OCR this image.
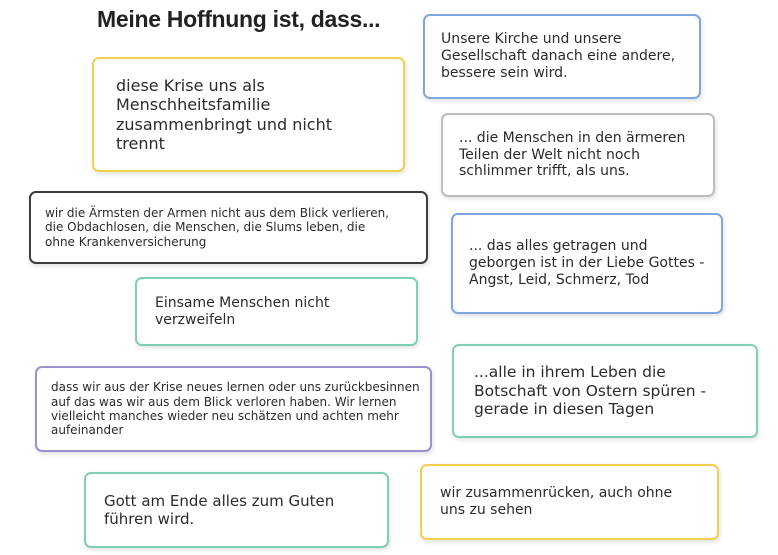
Meine Hoffnung ist, dass...
Unsere Kirche und unsere Gesellschaft danach eine andere, bessere sein wird.
diese Krise uns als Menschheitsfamilie zusammenbringt und nicht trennt	... die Menschen in den ärmeren Teilen der Welt nicht noch schlimmer trifft, als uns.
wir die Ärmsten der Armen nicht aus dem Blick verlieren, die Obdachlosen, die Menschen, die Slums leben, die ohne Krankenversicherung	... das alles getragen und geborgen ist in der Liebe Gottes - Angst, Leid, Schmerz, Tod
Einsame Menschen nicht verzweifeln
...alle in ihrem Leben die Botschaft von Ostern spüren - gerade in diesen Tagen
dass wir aus der Krise neues lernen oder uns zurückbesinnen auf das was wir aus dem Blick verloren haben. Wir lernen vielleicht manches wieder neu schätzen und achten mehr aufeinander
wir zusammenrücken, auch ohne uns zu sehen
Gott am Ende alles zum Guten führen wird.
